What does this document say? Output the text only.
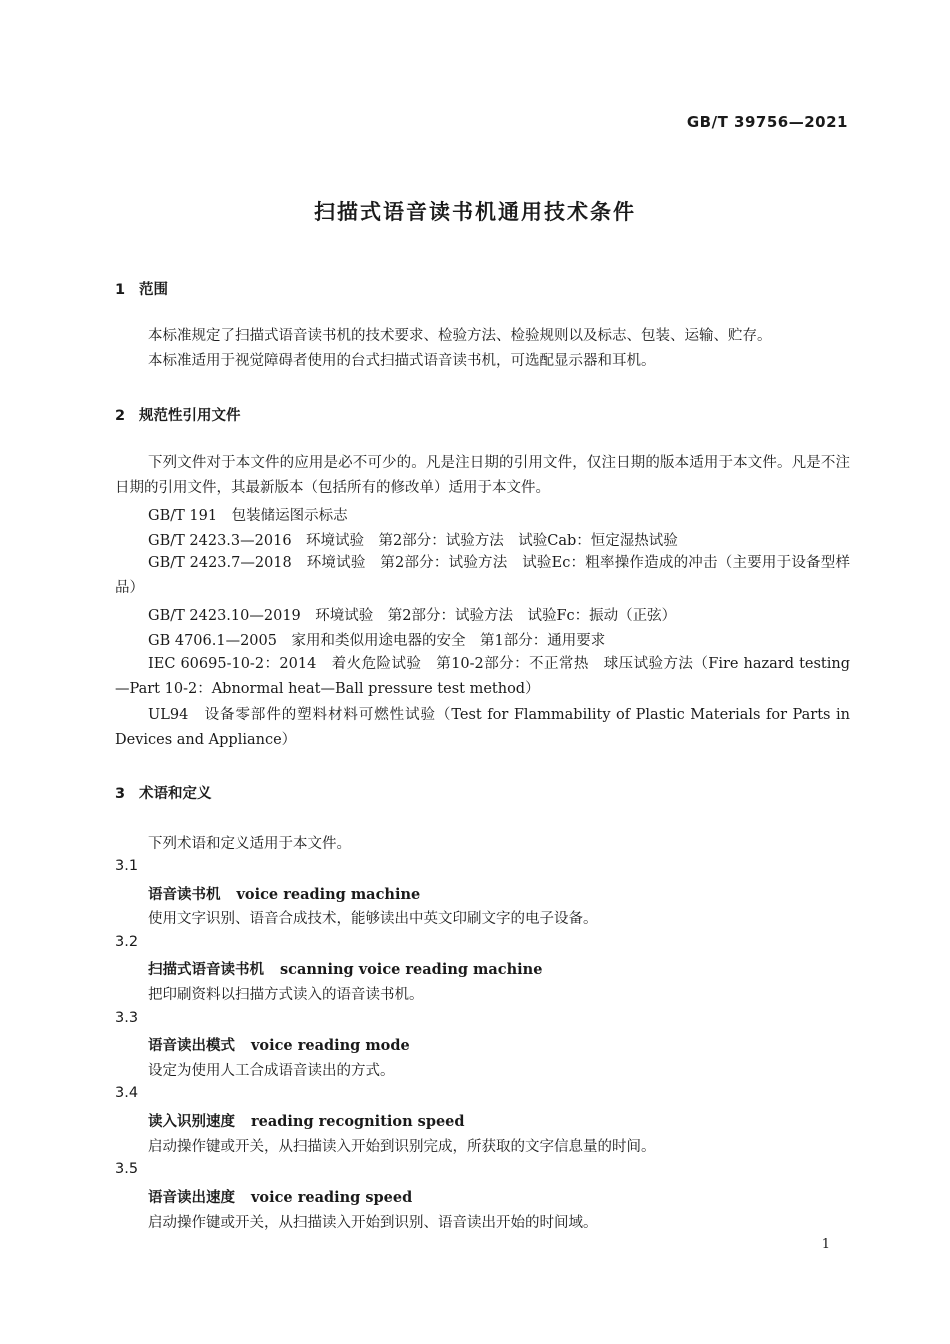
GB/T 39756—2021
扫描式语音读书机通用技术条件
1 范围
本标准规定了扫描式语音读书机的技术要求、检验方法、检验规则以及标志、包装、运输、贮存。
本标准适用于视觉障碍者使用的台式扫描式语音读书机，可选配显示器和耳机。
2 规范性引用文件
下列文件对于本文件的应用是必不可少的。凡是注日期的引用文件，仅注日期的版本适用于本文件。凡是不注日期的引用文件，其最新版本（包括所有的修改单）适用于本文件。
GB/T 191　包装储运图示标志
GB/T 2423.3—2016　环境试验　第2部分：试验方法　试验Cab：恒定湿热试验
GB/T 2423.7—2018　环境试验　第2部分：试验方法　试验Ec：粗率操作造成的冲击（主要用于设备型样品）
GB/T 2423.10—2019　环境试验　第2部分：试验方法　试验Fc：振动（正弦）
GB 4706.1—2005　家用和类似用途电器的安全　第1部分：通用要求
IEC 60695-10-2：2014　着火危险试验　第10-2部分：不正常热　球压试验方法（Fire hazard testing—Part 10-2：Abnormal heat—Ball pressure test method）
UL94　设备零部件的塑料材料可燃性试验（Test for Flammability of Plastic Materials for Parts in Devices and Appliance）
3 术语和定义
下列术语和定义适用于本文件。
3.1
语音读书机 voice reading machine
使用文字识别、语音合成技术，能够读出中英文印刷文字的电子设备。
3.2
扫描式语音读书机 scanning voice reading machine
把印刷资料以扫描方式读入的语音读书机。
3.3
语音读出模式 voice reading mode
设定为使用人工合成语音读出的方式。
3.4
读入识别速度 reading recognition speed
启动操作键或开关，从扫描读入开始到识别完成，所获取的文字信息量的时间。
3.5
语音读出速度 voice reading speed
启动操作键或开关，从扫描读入开始到识别、语音读出开始的时间域。
1
